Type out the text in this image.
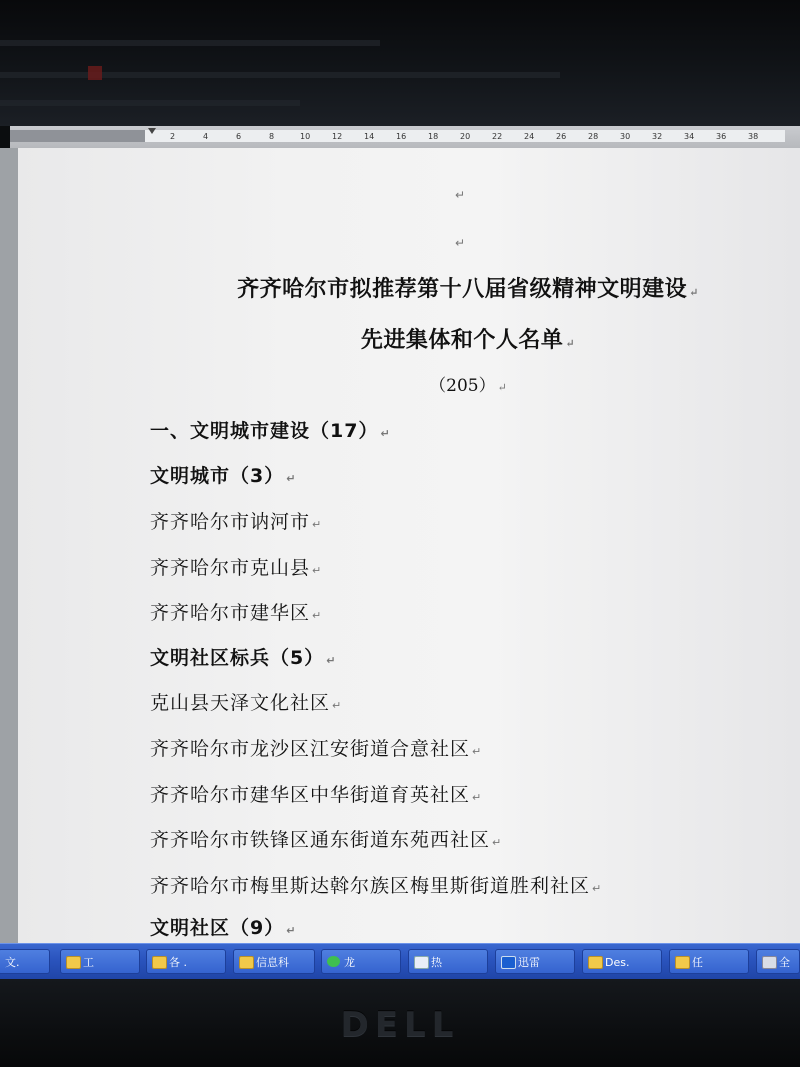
2	4	6	8	10	12	14	16	18	20	22	24	26	28	30	32	34	36	38
↵
↵
齐齐哈尔市拟推荐第十八届省级精神文明建设 ↵
先进集体和个人名单 ↵
（205） ↵
一、文明城市建设（17） ↵
文明城市（3） ↵
齐齐哈尔市讷河市 ↵
齐齐哈尔市克山县 ↵
齐齐哈尔市建华区 ↵
文明社区标兵（5） ↵
克山县天泽文化社区 ↵
齐齐哈尔市龙沙区江安街道合意社区 ↵
齐齐哈尔市建华区中华街道育英社区 ↵
齐齐哈尔市铁锋区通东街道东苑西社区 ↵
齐齐哈尔市梅里斯达斡尔族区梅里斯街道胜利社区 ↵
文明社区（9） ↵
文.	工	各 .	信息科	龙	热	迅雷	Des.	任	全
DELL
